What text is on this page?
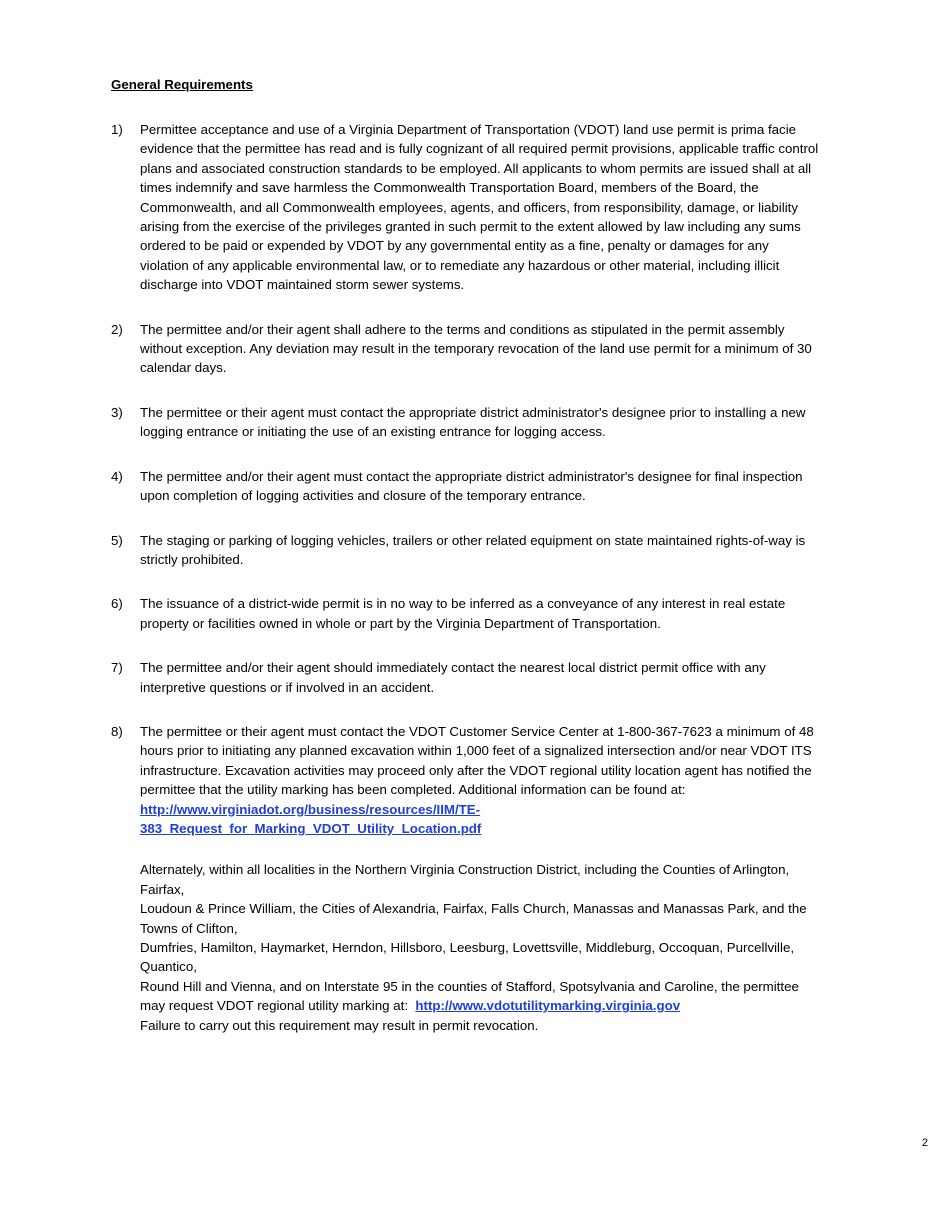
General Requirements
1) Permittee acceptance and use of a Virginia Department of Transportation (VDOT) land use permit is prima facie evidence that the permittee has read and is fully cognizant of all required permit provisions, applicable traffic control plans and associated construction standards to be employed. All applicants to whom permits are issued shall at all times indemnify and save harmless the Commonwealth Transportation Board, members of the Board, the Commonwealth, and all Commonwealth employees, agents, and officers, from responsibility, damage, or liability arising from the exercise of the privileges granted in such permit to the extent allowed by law including any sums ordered to be paid or expended by VDOT by any governmental entity as a fine, penalty or damages for any violation of any applicable environmental law, or to remediate any hazardous or other material, including illicit discharge into VDOT maintained storm sewer systems.

2) The permittee and/or their agent shall adhere to the terms and conditions as stipulated in the permit assembly without exception. Any deviation may result in the temporary revocation of the land use permit for a minimum of 30 calendar days.

3) The permittee or their agent must contact the appropriate district administrator's designee prior to installing a new logging entrance or initiating the use of an existing entrance for logging access.

4) The permittee and/or their agent must contact the appropriate district administrator's designee for final inspection upon completion of logging activities and closure of the temporary entrance.

5) The staging or parking of logging vehicles, trailers or other related equipment on state maintained rights-of-way is strictly prohibited.

6) The issuance of a district-wide permit is in no way to be inferred as a conveyance of any interest in real estate property or facilities owned in whole or part by the Virginia Department of Transportation.

7) The permittee and/or their agent should immediately contact the nearest local district permit office with any interpretive questions or if involved in an accident.

8) The permittee or their agent must contact the VDOT Customer Service Center at 1-800-367-7623 a minimum of 48 hours prior to initiating any planned excavation within 1,000 feet of a signalized intersection and/or near VDOT ITS infrastructure. Excavation activities may proceed only after the VDOT regional utility location agent has notified the permittee that the utility marking has been completed. Additional information can be found at:
http://www.virginiadot.org/business/resources/IIM/TE-
383_Request_for_Marking_VDOT_Utility_Location.pdf

Alternately, within all localities in the Northern Virginia Construction District, including the Counties of Arlington, Fairfax,
Loudoun & Prince William, the Cities of Alexandria, Fairfax, Falls Church, Manassas and Manassas Park, and the Towns of Clifton,
Dumfries, Hamilton, Haymarket, Herndon, Hillsboro, Leesburg, Lovettsville, Middleburg, Occoquan, Purcellville, Quantico,
Round Hill and Vienna, and on Interstate 95 in the counties of Stafford, Spotsylvania and Caroline, the permittee may request VDOT regional utility marking at: http://www.vdotutilitymarking.virginia.gov
Failure to carry out this requirement may result in permit revocation.

2
